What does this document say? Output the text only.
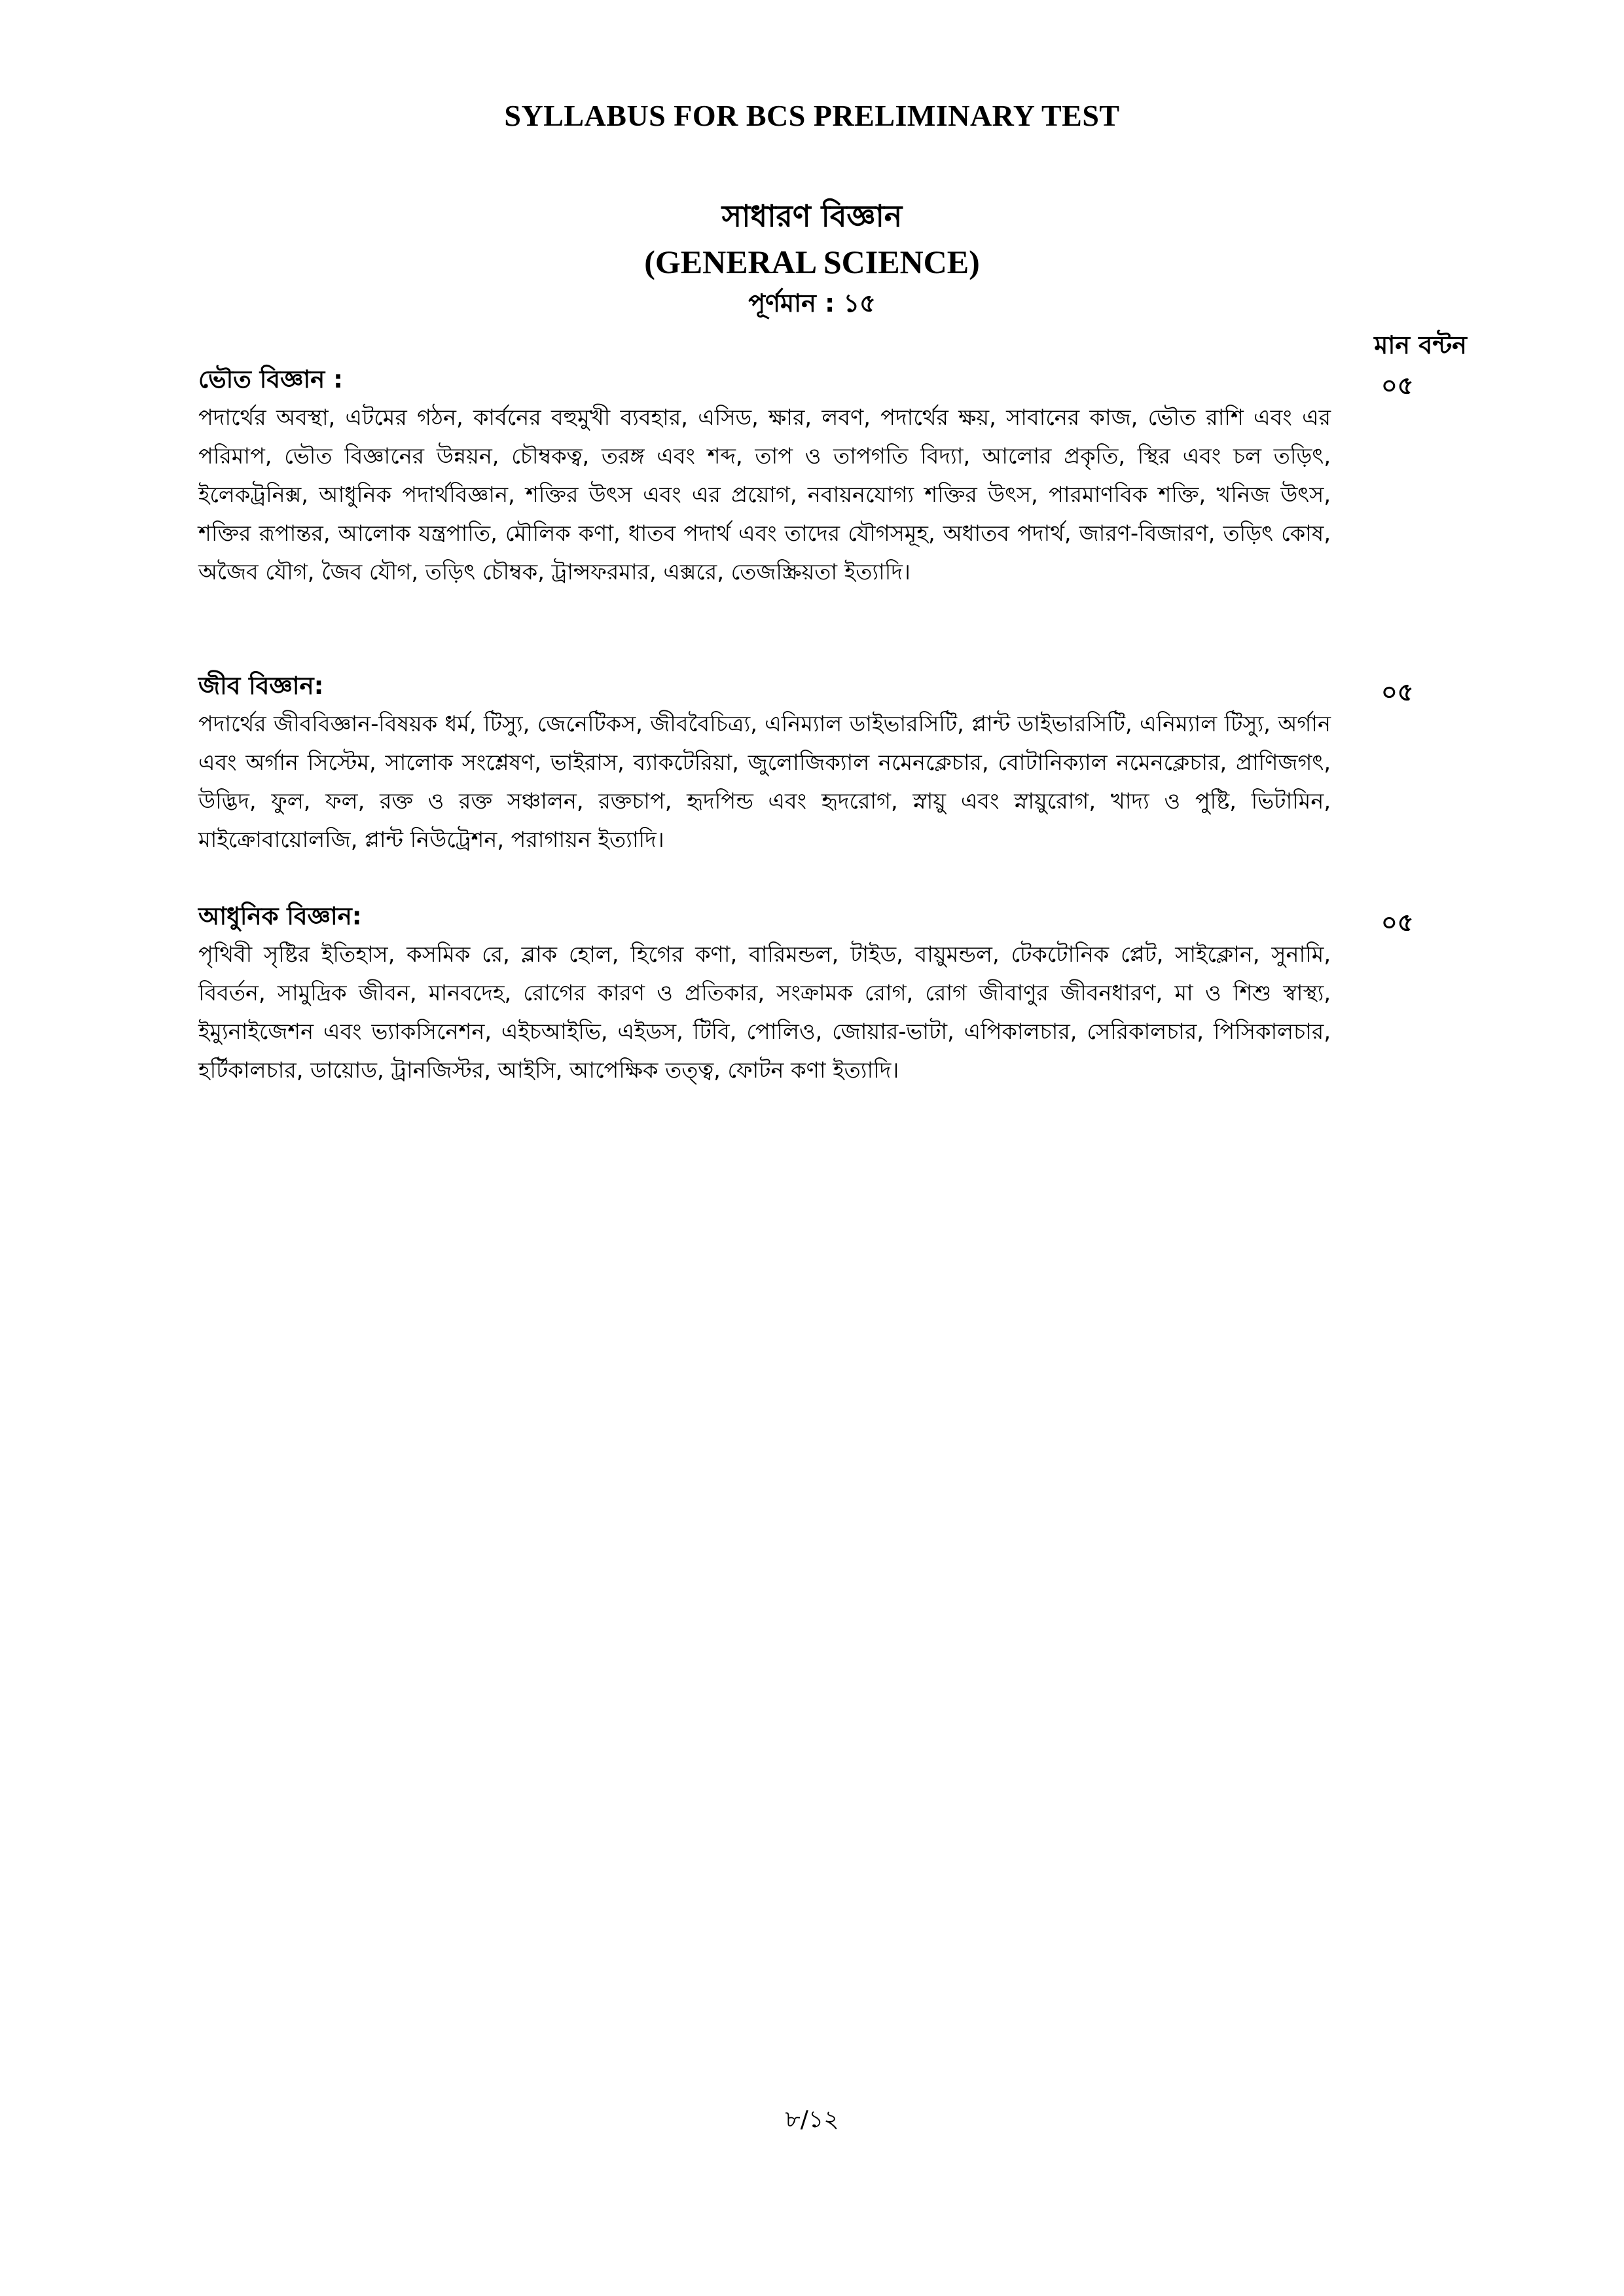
SYLLABUS FOR BCS PRELIMINARY TEST
সাধারণ বিজ্ঞান
(GENERAL SCIENCE)
পূর্ণমান : ১৫
মান বন্টন
ভৌত বিজ্ঞান :
পদার্থের অবস্থা, এটমের গঠন, কার্বনের বহুমুখী ব্যবহার, এসিড, ক্ষার, লবণ, পদার্থের ক্ষয়, সাবানের কাজ, ভৌত রাশি এবং এর পরিমাপ, ভৌত বিজ্ঞানের উন্নয়ন, চৌম্বকত্ব, তরঙ্গ এবং শব্দ, তাপ ও তাপগতি বিদ্যা, আলোর প্রকৃতি, স্থির এবং চল তড়িৎ, ইলেকট্রনিক্স, আধুনিক পদার্থবিজ্ঞান, শক্তির উৎস এবং এর প্রয়োগ, নবায়নযোগ্য শক্তির উৎস, পারমাণবিক শক্তি, খনিজ উৎস, শক্তির রূপান্তর, আলোক যন্ত্রপাতি, মৌলিক কণা, ধাতব পদার্থ এবং তাদের যৌগসমূহ, অধাতব পদার্থ, জারণ-বিজারণ, তড়িৎ কোষ, অজৈব যৌগ, জৈব যৌগ, তড়িৎ চৌম্বক, ট্রান্সফরমার, এক্সরে, তেজস্ক্রিয়তা ইত্যাদি।
০৫
জীব বিজ্ঞান:
পদার্থের জীববিজ্ঞান-বিষয়ক ধর্ম, টিস্যু, জেনেটিকস, জীববৈচিত্র্য, এনিম্যাল ডাইভারসিটি, প্লান্ট ডাইভারসিটি, এনিম্যাল টিস্যু, অর্গান এবং অর্গান সিস্টেম, সালোক সংশ্লেষণ, ভাইরাস, ব্যাকটেরিয়া, জুলোজিক্যাল নমেনক্লেচার, বোটানিক্যাল নমেনক্লেচার, প্রাণিজগৎ, উদ্ভিদ, ফুল, ফল, রক্ত ও রক্ত সঞ্চালন, রক্তচাপ, হৃদপিন্ড এবং হৃদরোগ, স্নায়ু এবং স্নায়ুরোগ, খাদ্য ও পুষ্টি, ভিটামিন, মাইক্রোবায়োলজি, প্লান্ট নিউট্রেশন, পরাগায়ন ইত্যাদি।
০৫
আধুনিক বিজ্ঞান:
পৃথিবী সৃষ্টির ইতিহাস, কসমিক রে, ব্লাক হোল, হিগের কণা, বারিমন্ডল, টাইড, বায়ুমন্ডল, টেকটোনিক প্লেট, সাইক্লোন, সুনামি, বিবর্তন, সামুদ্রিক জীবন, মানবদেহ, রোগের কারণ ও প্রতিকার, সংক্রামক রোগ, রোগ জীবাণুর জীবনধারণ, মা ও শিশু স্বাস্থ্য, ইম্যুনাইজেশন এবং ভ্যাকসিনেশন, এইচআইভি, এইডস, টিবি, পোলিও, জোয়ার-ভাটা, এপিকালচার, সেরিকালচার, পিসিকালচার, হর্টিকালচার, ডায়োড, ট্রানজিস্টর, আইসি, আপেক্ষিক তত্ত্ব, ফোটন কণা ইত্যাদি।
০৫
৮/১২
